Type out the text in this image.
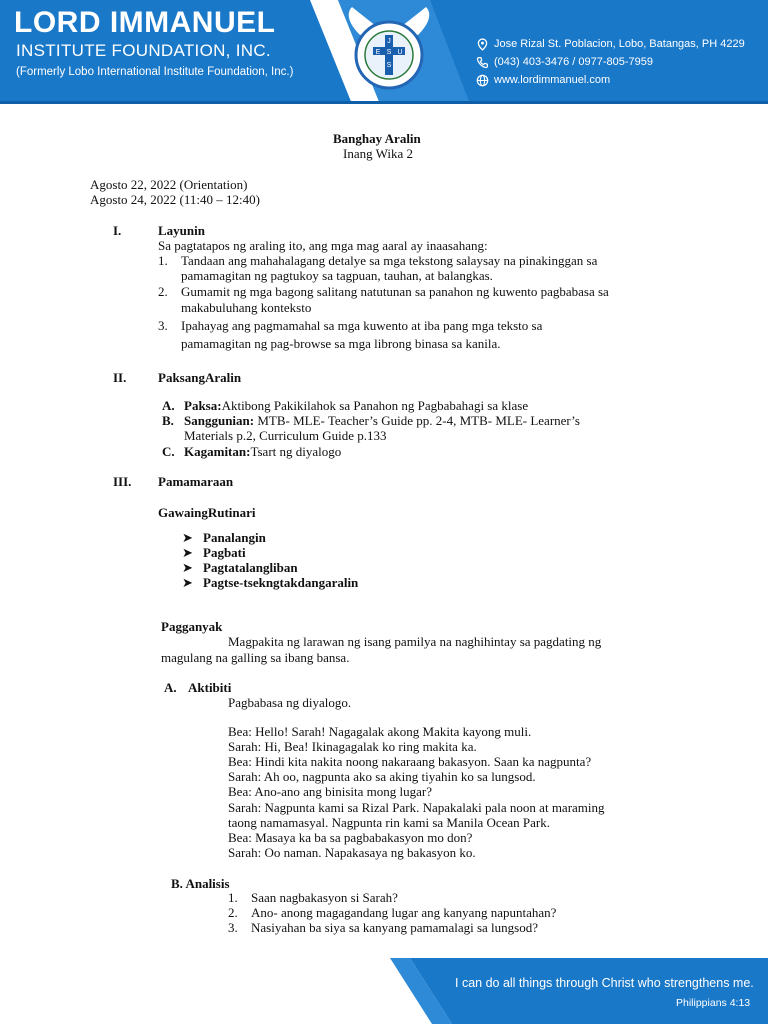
LORD IMMANUEL
INSTITUTE FOUNDATION, INC.
(Formerly Lobo International Institute Foundation, Inc.)
J
E S U
S
Jose Rizal St. Poblacion, Lobo, Batangas, PH 4229
(043) 403-3476 / 0977-805-7959
www.lordimmanuel.com
Banghay Aralin
Inang Wika 2
Agosto 22, 2022 (Orientation)
Agosto 24, 2022 (11:40 – 12:40)
I.	Layunin
Sa pagtatapos ng araling ito, ang mga mag aaral ay inaasahang:
1. Tandaan ang mahahalagang detalye sa mga tekstong salaysay na pinakinggan sa
pamamagitan ng pagtukoy sa tagpuan, tauhan, at balangkas.
2. Gumamit ng mga bagong salitang natutunan sa panahon ng kuwento pagbabasa sa
makabuluhang konteksto
3. Ipahayag ang pagmamahal sa mga kuwento at iba pang mga teksto sa
pamamagitan ng pag-browse sa mga librong binasa sa kanila.
II. PaksangAralin
A. Paksa:Aktibong Pakikilahok sa Panahon ng Pagbabahagi sa klase
B. Sanggunian: MTB- MLE- Teacher’s Guide pp. 2-4, MTB- MLE- Learner’s
Materials p.2, Curriculum Guide p.133
C. Kagamitan:Tsart ng diyalogo
III. Pamamaraan
GawaingRutinari
➤ Panalangin
➤ Pagbati
➤ Pagtatalangliban
➤ Pagtse-tsekngtakdangaralin
Pagganyak
Magpakita ng larawan ng isang pamilya na naghihintay sa pagdating ng
magulang na galling sa ibang bansa.
A. Aktibiti
Pagbabasa ng diyalogo.
Bea: Hello! Sarah! Nagagalak akong Makita kayong muli.
Sarah: Hi, Bea! Ikinagagalak ko ring makita ka.
Bea: Hindi kita nakita noong nakaraang bakasyon. Saan ka nagpunta?
Sarah: Ah oo, nagpunta ako sa aking tiyahin ko sa lungsod.
Bea: Ano-ano ang binisita mong lugar?
Sarah: Nagpunta kami sa Rizal Park. Napakalaki pala noon at maraming
taong namamasyal. Nagpunta rin kami sa Manila Ocean Park.
Bea: Masaya ka ba sa pagbabakasyon mo don?
Sarah: Oo naman. Napakasaya ng bakasyon ko.
B. Analisis
1. Saan nagbakasyon si Sarah?
2. Ano- anong magagandang lugar ang kanyang napuntahan?
3. Nasiyahan ba siya sa kanyang pamamalagi sa lungsod?
I can do all things through Christ who strengthens me.
Philippians 4:13
